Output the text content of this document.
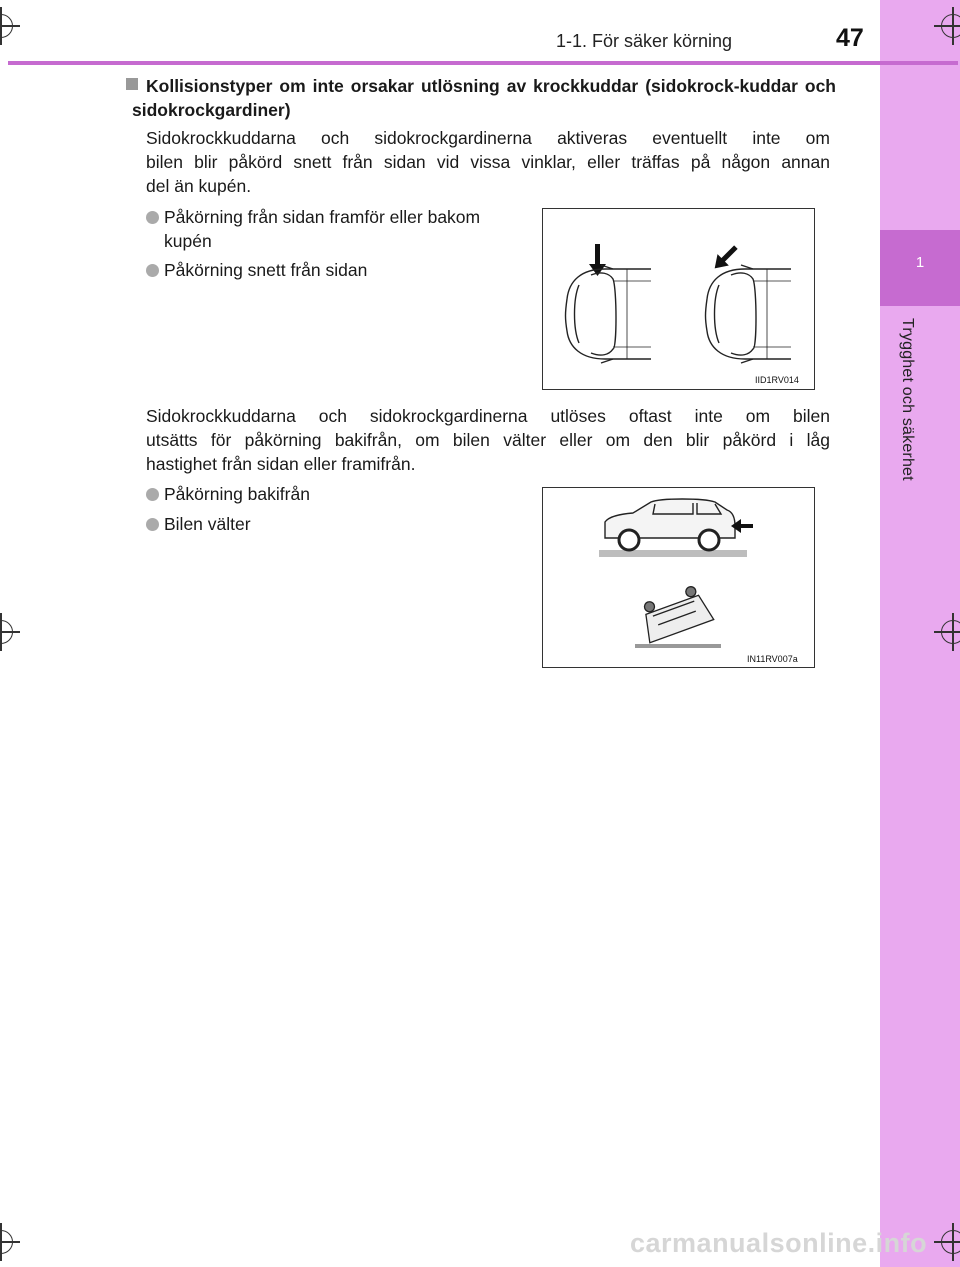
1
Trygghet och säkerhet
1-1. För säker körning	47
Kollisionstyper om inte orsakar utlösning av krockkuddar (sidokrock-kuddar och sidokrockgardiner)
Sidokrockkuddarna och sidokrockgardinerna aktiveras eventuellt inte om
bilen blir påkörd snett från sidan vid vissa vinklar, eller träffas på någon annan
del än kupén.
Påkörning från sidan framför eller bakom
kupén
Påkörning snett från sidan
IID1RV014
Sidokrockkuddarna och sidokrockgardinerna utlöses oftast inte om bilen
utsätts för påkörning bakifrån, om bilen välter eller om den blir påkörd i låg
hastighet från sidan eller framifrån.
Påkörning bakifrån
Bilen välter
IN11RV007a
carmanualsonline.info
